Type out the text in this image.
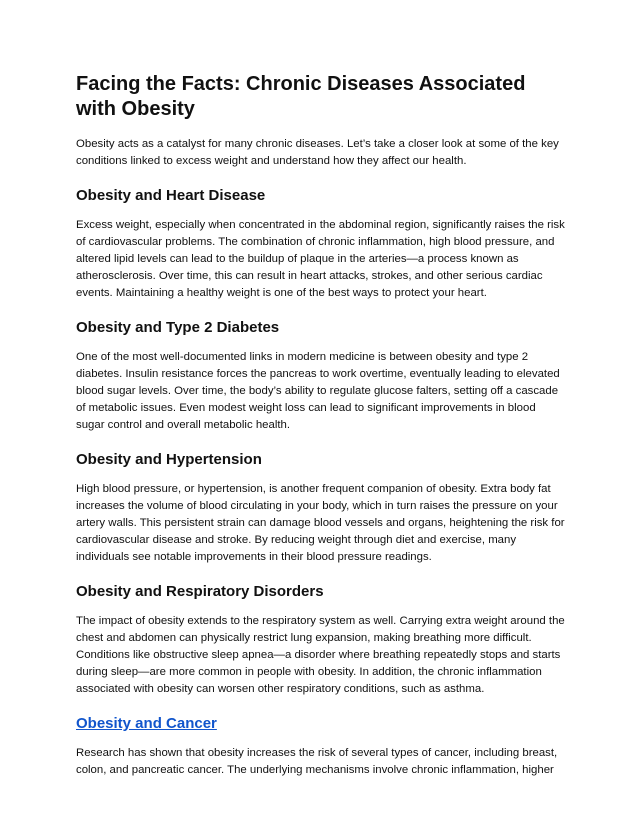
Facing the Facts: Chronic Diseases Associated with Obesity

Obesity acts as a catalyst for many chronic diseases. Let’s take a closer look at some of the key conditions linked to excess weight and understand how they affect our health.

Obesity and Heart Disease

Excess weight, especially when concentrated in the abdominal region, significantly raises the risk of cardiovascular problems. The combination of chronic inflammation, high blood pressure, and altered lipid levels can lead to the buildup of plaque in the arteries—a process known as atherosclerosis. Over time, this can result in heart attacks, strokes, and other serious cardiac events. Maintaining a healthy weight is one of the best ways to protect your heart.

Obesity and Type 2 Diabetes

One of the most well-documented links in modern medicine is between obesity and type 2 diabetes. Insulin resistance forces the pancreas to work overtime, eventually leading to elevated blood sugar levels. Over time, the body’s ability to regulate glucose falters, setting off a cascade of metabolic issues. Even modest weight loss can lead to significant improvements in blood sugar control and overall metabolic health.

Obesity and Hypertension

High blood pressure, or hypertension, is another frequent companion of obesity. Extra body fat increases the volume of blood circulating in your body, which in turn raises the pressure on your artery walls. This persistent strain can damage blood vessels and organs, heightening the risk for cardiovascular disease and stroke. By reducing weight through diet and exercise, many individuals see notable improvements in their blood pressure readings.

Obesity and Respiratory Disorders

The impact of obesity extends to the respiratory system as well. Carrying extra weight around the chest and abdomen can physically restrict lung expansion, making breathing more difficult. Conditions like obstructive sleep apnea—a disorder where breathing repeatedly stops and starts during sleep—are more common in people with obesity. In addition, the chronic inflammation associated with obesity can worsen other respiratory conditions, such as asthma.

Obesity and Cancer

Research has shown that obesity increases the risk of several types of cancer, including breast, colon, and pancreatic cancer. The underlying mechanisms involve chronic inflammation, higher
